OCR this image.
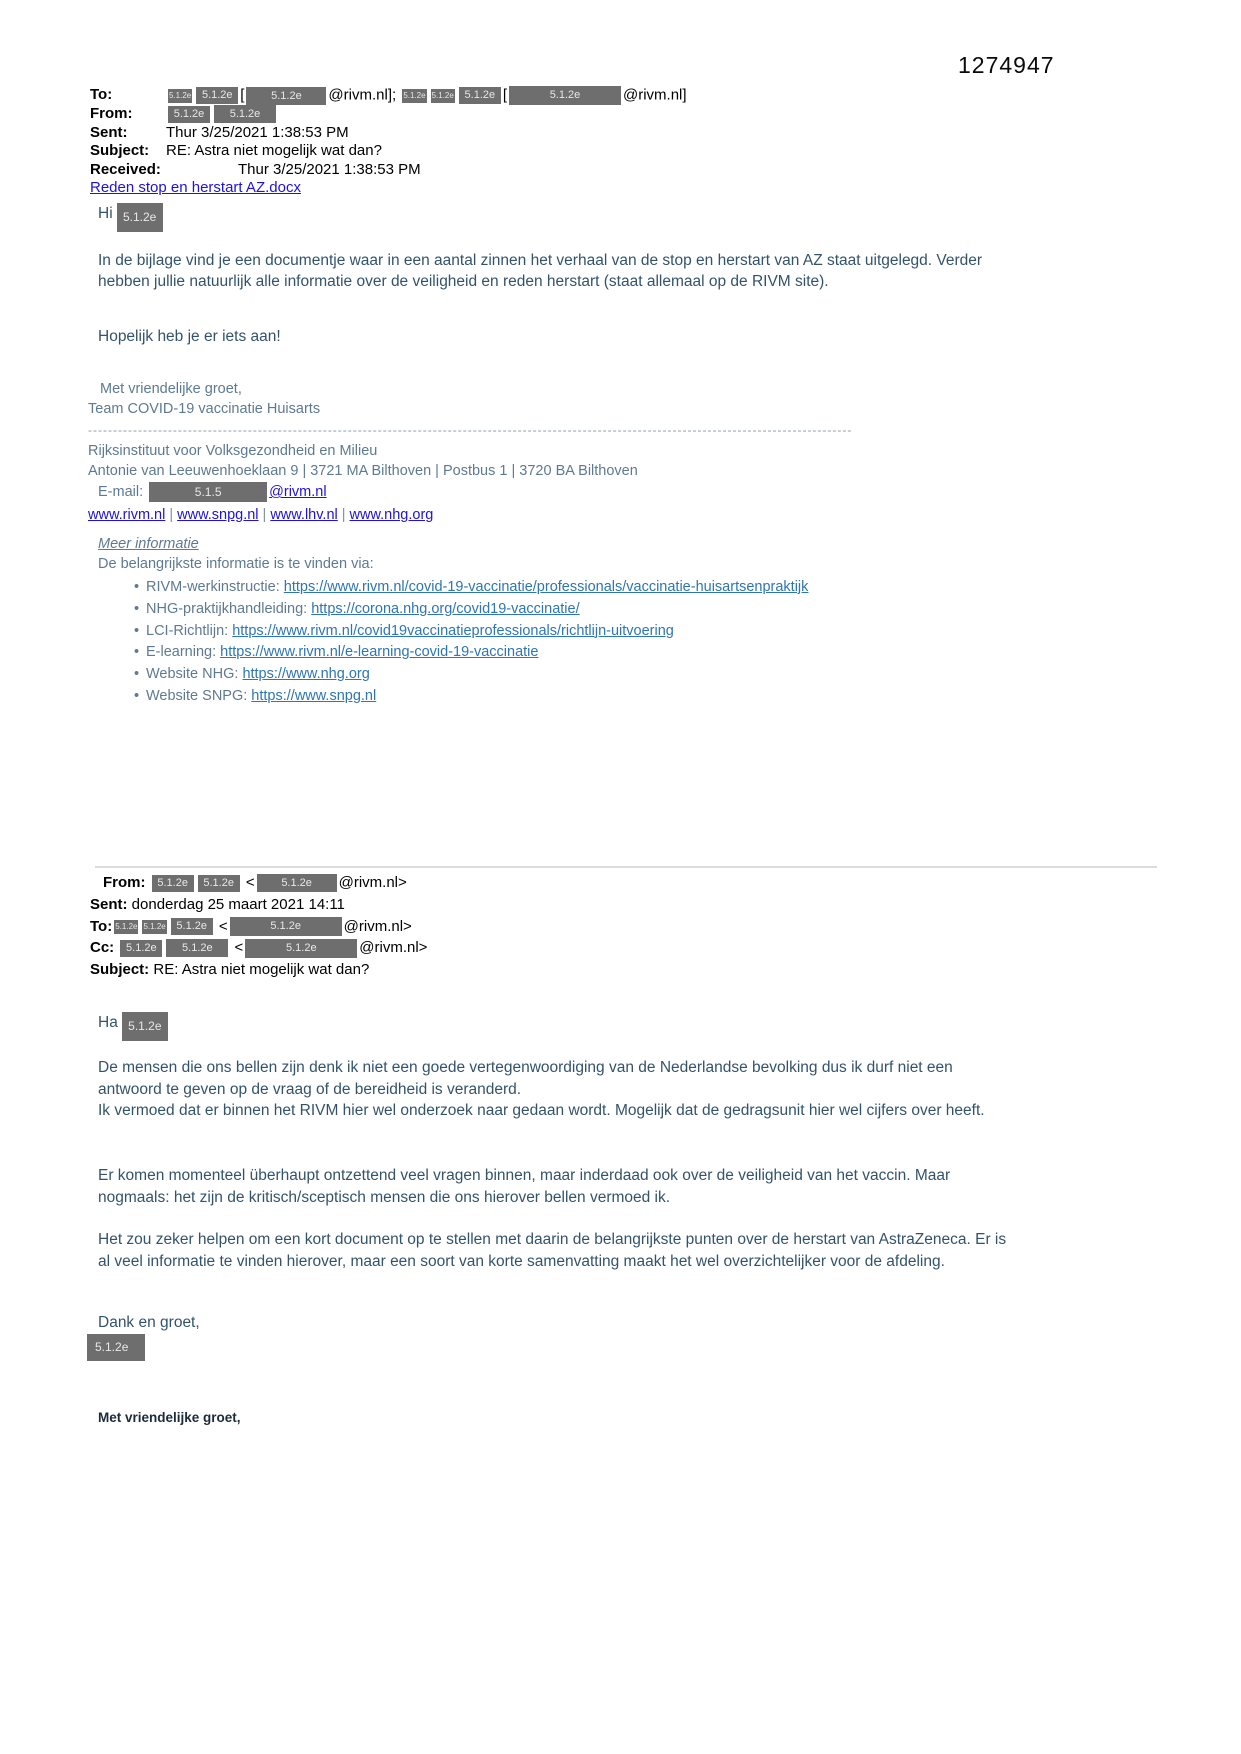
1274947
To:	5.1.2e 5.1.2e [ 5.1.2e @rivm.nl]; 5.1.2e 5.1.2e 5.1.2e [	5.1.2e	@rivm.nl]
From:	5.1.2e 5.1.2e
Sent:	Thur 3/25/2021 1:38:53 PM
Subject:	RE: Astra niet mogelijk wat dan?
Received:	Thur 3/25/2021 1:38:53 PM
Reden stop en herstart AZ.docx
Hi 5.1.2e

In de bijlage vind je een documentje waar in een aantal zinnen het verhaal van de stop en herstart van AZ staat uitgelegd. Verder hebben jullie natuurlijk alle informatie over de veiligheid en reden herstart (staat allemaal op de RIVM site).

Hopelijk heb je er iets aan!

Met vriendelijke groet,
Team COVID-19 vaccinatie Huisarts
---------------------------------------------------------------------------------------------------------------------------------------------------------
Rijksinstituut voor Volksgezondheid en Milieu
Antonie van Leeuwenhoeklaan 9 | 3721 MA Bilthoven | Postbus 1 | 3720 BA Bilthoven
E-mail:	5.1.5	@rivm.nl
www.rivm.nl | www.snpg.nl | www.lhv.nl | www.nhg.org
Meer informatie
De belangrijkste informatie is te vinden via:
• RIVM-werkinstructie: https://www.rivm.nl/covid-19-vaccinatie/professionals/vaccinatie-huisartsenpraktijk
• NHG-praktijkhandleiding: https://corona.nhg.org/covid19-vaccinatie/
• LCI-Richtlijn: https://www.rivm.nl/covid19vaccinatieprofessionals/richtlijn-uitvoering
• E-learning: https://www.rivm.nl/e-learning-covid-19-vaccinatie
• Website NHG: https://www.nhg.org
• Website SNPG: https://www.snpg.nl
From: 5.1.2e 5.1.2e < 5.1.2e @rivm.nl>
Sent: donderdag 25 maart 2021 14:11
To: 5.1.2e 5.1.2e 5.1.2e <	5.1.2e	@rivm.nl>
Cc: 5.1.2e 5.1.2e <	5.1.2e	@rivm.nl>
Subject: RE: Astra niet mogelijk wat dan?
Ha 5.1.2e

De mensen die ons bellen zijn denk ik niet een goede vertegenwoordiging van de Nederlandse bevolking dus ik durf niet een antwoord te geven op de vraag of de bereidheid is veranderd.
Ik vermoed dat er binnen het RIVM hier wel onderzoek naar gedaan wordt. Mogelijk dat de gedragsunit hier wel cijfers over heeft.

Er komen momenteel überhaupt ontzettend veel vragen binnen, maar inderdaad ook over de veiligheid van het vaccin. Maar nogmaals: het zijn de kritisch/sceptisch mensen die ons hierover bellen vermoed ik.

Het zou zeker helpen om een kort document op te stellen met daarin de belangrijkste punten over de herstart van AstraZeneca. Er is al veel informatie te vinden hierover, maar een soort van korte samenvatting maakt het wel overzichtelijker voor de afdeling.

Dank en groet,
5.1.2e
Met vriendelijke groet,
